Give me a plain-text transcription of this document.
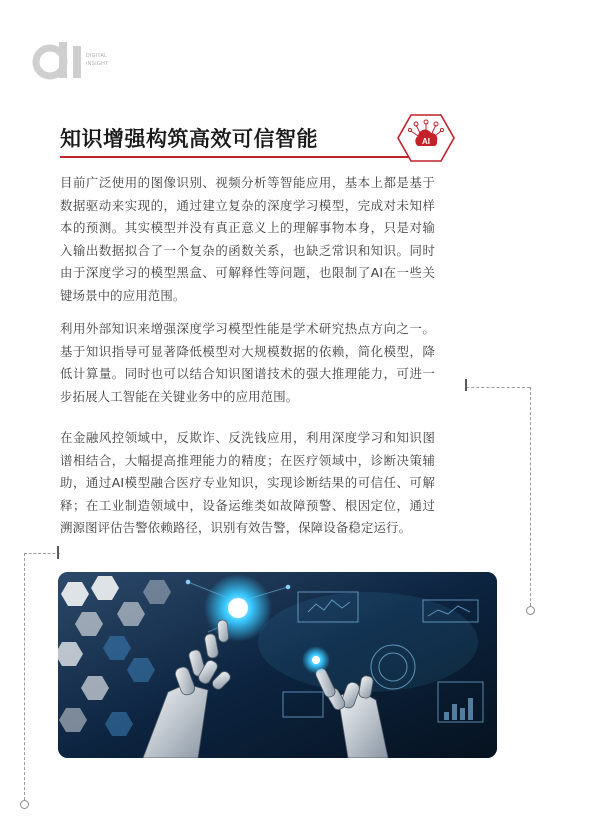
DIGITAL
INSIGHT
知识增强构筑高效可信智能	AI

目前广泛使用的图像识别、视频分析等智能应用，基本上都是基于数据驱动来实现的，通过建立复杂的深度学习模型，完成对未知样本的预测。其实模型并没有真正意义上的理解事物本身，只是对输入输出数据拟合了一个复杂的函数关系，也缺乏常识和知识。同时由于深度学习的模型黑盒、可解释性等问题，也限制了AI在一些关键场景中的应用范围。

利用外部知识来增强深度学习模型性能是学术研究热点方向之一。基于知识指导可显著降低模型对大规模数据的依赖，简化模型，降低计算量。同时也可以结合知识图谱技术的强大推理能力，可进一步拓展人工智能在关键业务中的应用范围。

在金融风控领域中，反欺诈、反洗钱应用，利用深度学习和知识图谱相结合，大幅提高推理能力的精度；在医疗领域中，诊断决策辅助，通过AI模型融合医疗专业知识，实现诊断结果的可信任、可解释；在工业制造领域中，设备运维类如故障预警、根因定位，通过溯源图评估告警依赖路径，识别有效告警，保障设备稳定运行。
